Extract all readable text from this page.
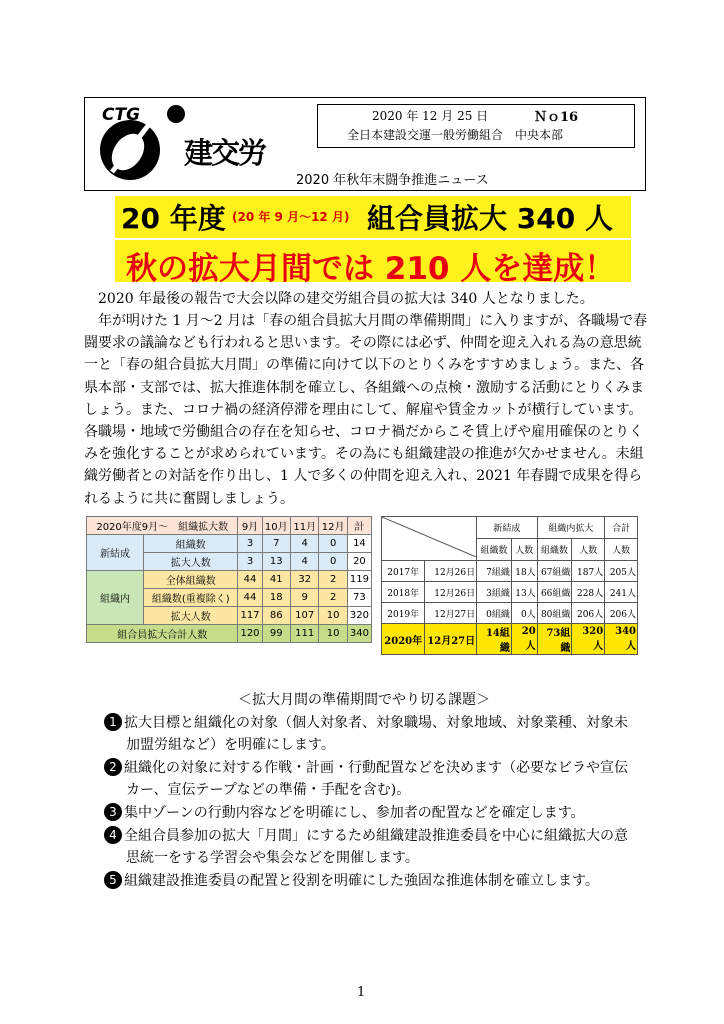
CTG
建交労
2020 年 12 月 25 日	Ｎｏ16
全日本建設交運一般労働組合　中央本部
2020 年秋年末闘争推進ニュース
20 年度 (20 年 9 月～12 月) 組合員拡大 340 人
秋の拡大月間では 210 人を達成！
2020 年最後の報告で大会以降の建交労組合員の拡大は 340 人となりました。
年が明けた 1 月～2 月は「春の組合員拡大月間の準備期間」に入りますが、各職場で春闘要求の議論なども行われると思います。その際には必ず、仲間を迎え入れる為の意思統一と「春の組合員拡大月間」の準備に向けて以下のとりくみをすすめましょう。また、各県本部・支部では、拡大推進体制を確立し、各組織への点検・激励する活動にとりくみましょう。また、コロナ禍の経済停滞を理由にして、解雇や賃金カットが横行しています。各職場・地域で労働組合の存在を知らせ、コロナ禍だからこそ賃上げや雇用確保のとりくみを強化することが求められています。その為にも組織建設の推進が欠かせません。未組織労働者との対話を作り出し、1 人で多くの仲間を迎え入れ、2021 年春闘で成果を得られるように共に奮闘しましょう。
2020年度9月～　組織拡大数		9月	10月	11月	12月	計
新結成	組織数	3	7	4	0	14
	拡大人数	3	13	4	0	20
組織内	全体組織数	44	41	32	2	119
	組織数(重複除く)	44	18	9	2	73
	拡大人数	117	86	107	10	320
組合員拡大合計人数		120	99	111	10	340
	新結成		組織内拡大		合計
		組織数	人数	組織数	人数	人数
2017年	12月26日	7組織	18人	67組織	187人	205人
2018年	12月26日	3組織	13人	66組織	228人	241人
2019年	12月27日	0組織	0人	80組織	206人	206人
2020年	12月27日	14組織	20人	73組織	320人	340人
＜拡大月間の準備期間でやり切る課題＞
1 拡大目標と組織化の対象（個人対象者、対象職場、対象地域、対象業種、対象未
加盟労組など）を明確にします。
2 組織化の対象に対する作戦・計画・行動配置などを決めます（必要なビラや宣伝
カー、宣伝テープなどの準備・手配を含む)。
3 集中ゾーンの行動内容などを明確にし、参加者の配置などを確定します。
4 全組合員参加の拡大「月間」にするため組織建設推進委員を中心に組織拡大の意
思統一をする学習会や集会などを開催します。
5 組織建設推進委員の配置と役割を明確にした強固な推進体制を確立します。
1
